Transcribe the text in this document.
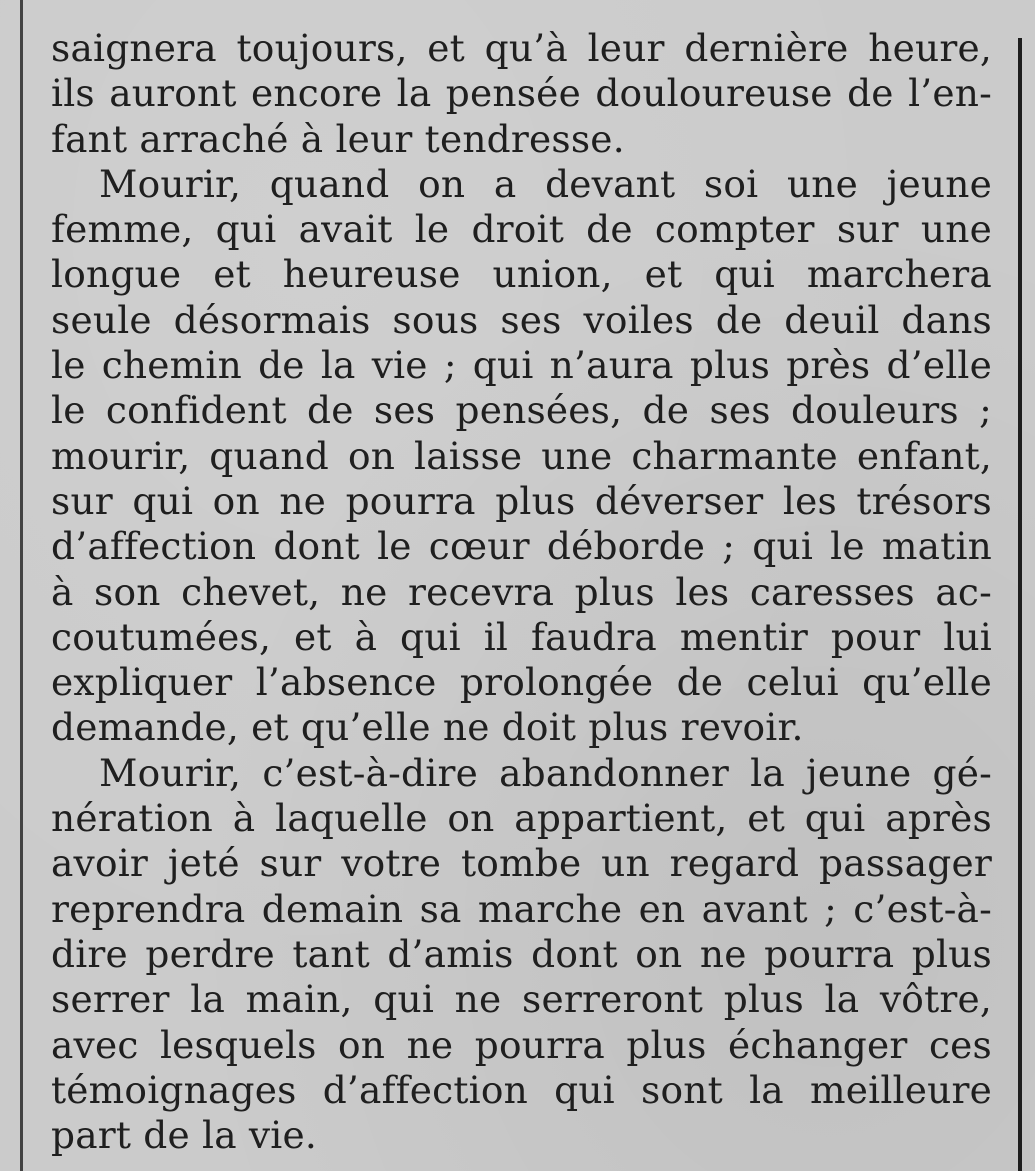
saignera toujours, et qu’à leur dernière heure,
ils auront encore la pensée douloureuse de l’en-
fant arraché à leur tendresse.
Mourir, quand on a devant soi une jeune
femme, qui avait le droit de compter sur une
longue et heureuse union, et qui marchera
seule désormais sous ses voiles de deuil dans
le chemin de la vie ; qui n’aura plus près d’elle
le confident de ses pensées, de ses douleurs ;
mourir, quand on laisse une charmante enfant,
sur qui on ne pourra plus déverser les trésors
d’affection dont le cœur déborde ; qui le matin
à son chevet, ne recevra plus les caresses ac-
coutumées, et à qui il faudra mentir pour lui
expliquer l’absence prolongée de celui qu’elle
demande, et qu’elle ne doit plus revoir.
Mourir, c’est-à-dire abandonner la jeune gé-
nération à laquelle on appartient, et qui après
avoir jeté sur votre tombe un regard passager
reprendra demain sa marche en avant ; c’est-à-
dire perdre tant d’amis dont on ne pourra plus
serrer la main, qui ne serreront plus la vôtre,
avec lesquels on ne pourra plus échanger ces
témoignages d’affection qui sont la meilleure
part de la vie.
